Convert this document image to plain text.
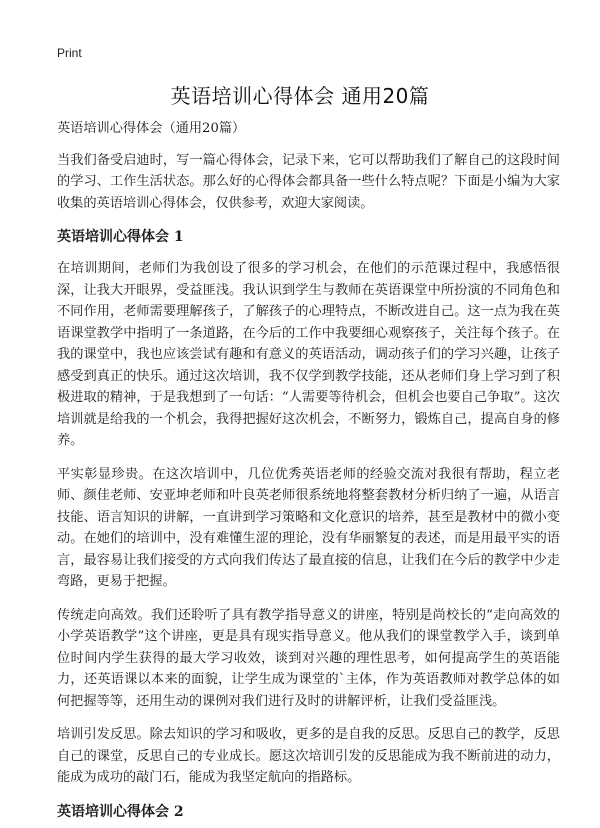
Print
英语培训心得体会 通用20篇

英语培训心得体会（通用20篇）

当我们备受启迪时，写一篇心得体会，记录下来，它可以帮助我们了解自己的这段时间的学习、工作生活状态。那么好的心得体会都具备一些什么特点呢？下面是小编为大家收集的英语培训心得体会，仅供参考，欢迎大家阅读。

英语培训心得体会 1

在培训期间，老师们为我创设了很多的学习机会，在他们的示范课过程中，我感悟很深，让我大开眼界，受益匪浅。我认识到学生与教师在英语课堂中所扮演的不同角色和不同作用，老师需要理解孩子，了解孩子的心理特点，不断改进自己。这一点为我在英语课堂教学中指明了一条道路，在今后的工作中我要细心观察孩子，关注每个孩子。在我的课堂中，我也应该尝试有趣和有意义的英语活动，调动孩子们的学习兴趣，让孩子感受到真正的快乐。通过这次培训，我不仅学到教学技能，还从老师们身上学习到了积极进取的精神，于是我想到了一句话：“人需要等待机会，但机会也要自己争取”。这次培训就是给我的一个机会，我得把握好这次机会，不断努力，锻炼自己，提高自身的修养。

平实彰显珍贵。在这次培训中，几位优秀英语老师的经验交流对我很有帮助，程立老师、颜佳老师、安亚坤老师和叶良英老师很系统地将整套教材分析归纳了一遍，从语言技能、语言知识的讲解，一直讲到学习策略和文化意识的培养，甚至是教材中的微小变动。在她们的培训中，没有难懂生涩的理论，没有华丽繁复的表述，而是用最平实的语言，最容易让我们接受的方式向我们传达了最直接的信息，让我们在今后的教学中少走弯路，更易于把握。

传统走向高效。我们还聆听了具有教学指导意义的讲座，特别是尚校长的“走向高效的小学英语教学”这个讲座，更是具有现实指导意义。他从我们的课堂教学入手，谈到单位时间内学生获得的最大学习收效，谈到对兴趣的理性思考，如何提高学生的英语能力，还英语课以本来的面貌，让学生成为课堂的`主体，作为英语教师对教学总体的如何把握等等，还用生动的课例对我们进行及时的讲解评析，让我们受益匪浅。

培训引发反思。除去知识的学习和吸收，更多的是自我的反思。反思自己的教学，反思自己的课堂，反思自己的专业成长。愿这次培训引发的反思能成为我不断前进的动力，能成为成功的敲门石，能成为我坚定航向的指路标。

英语培训心得体会 2
